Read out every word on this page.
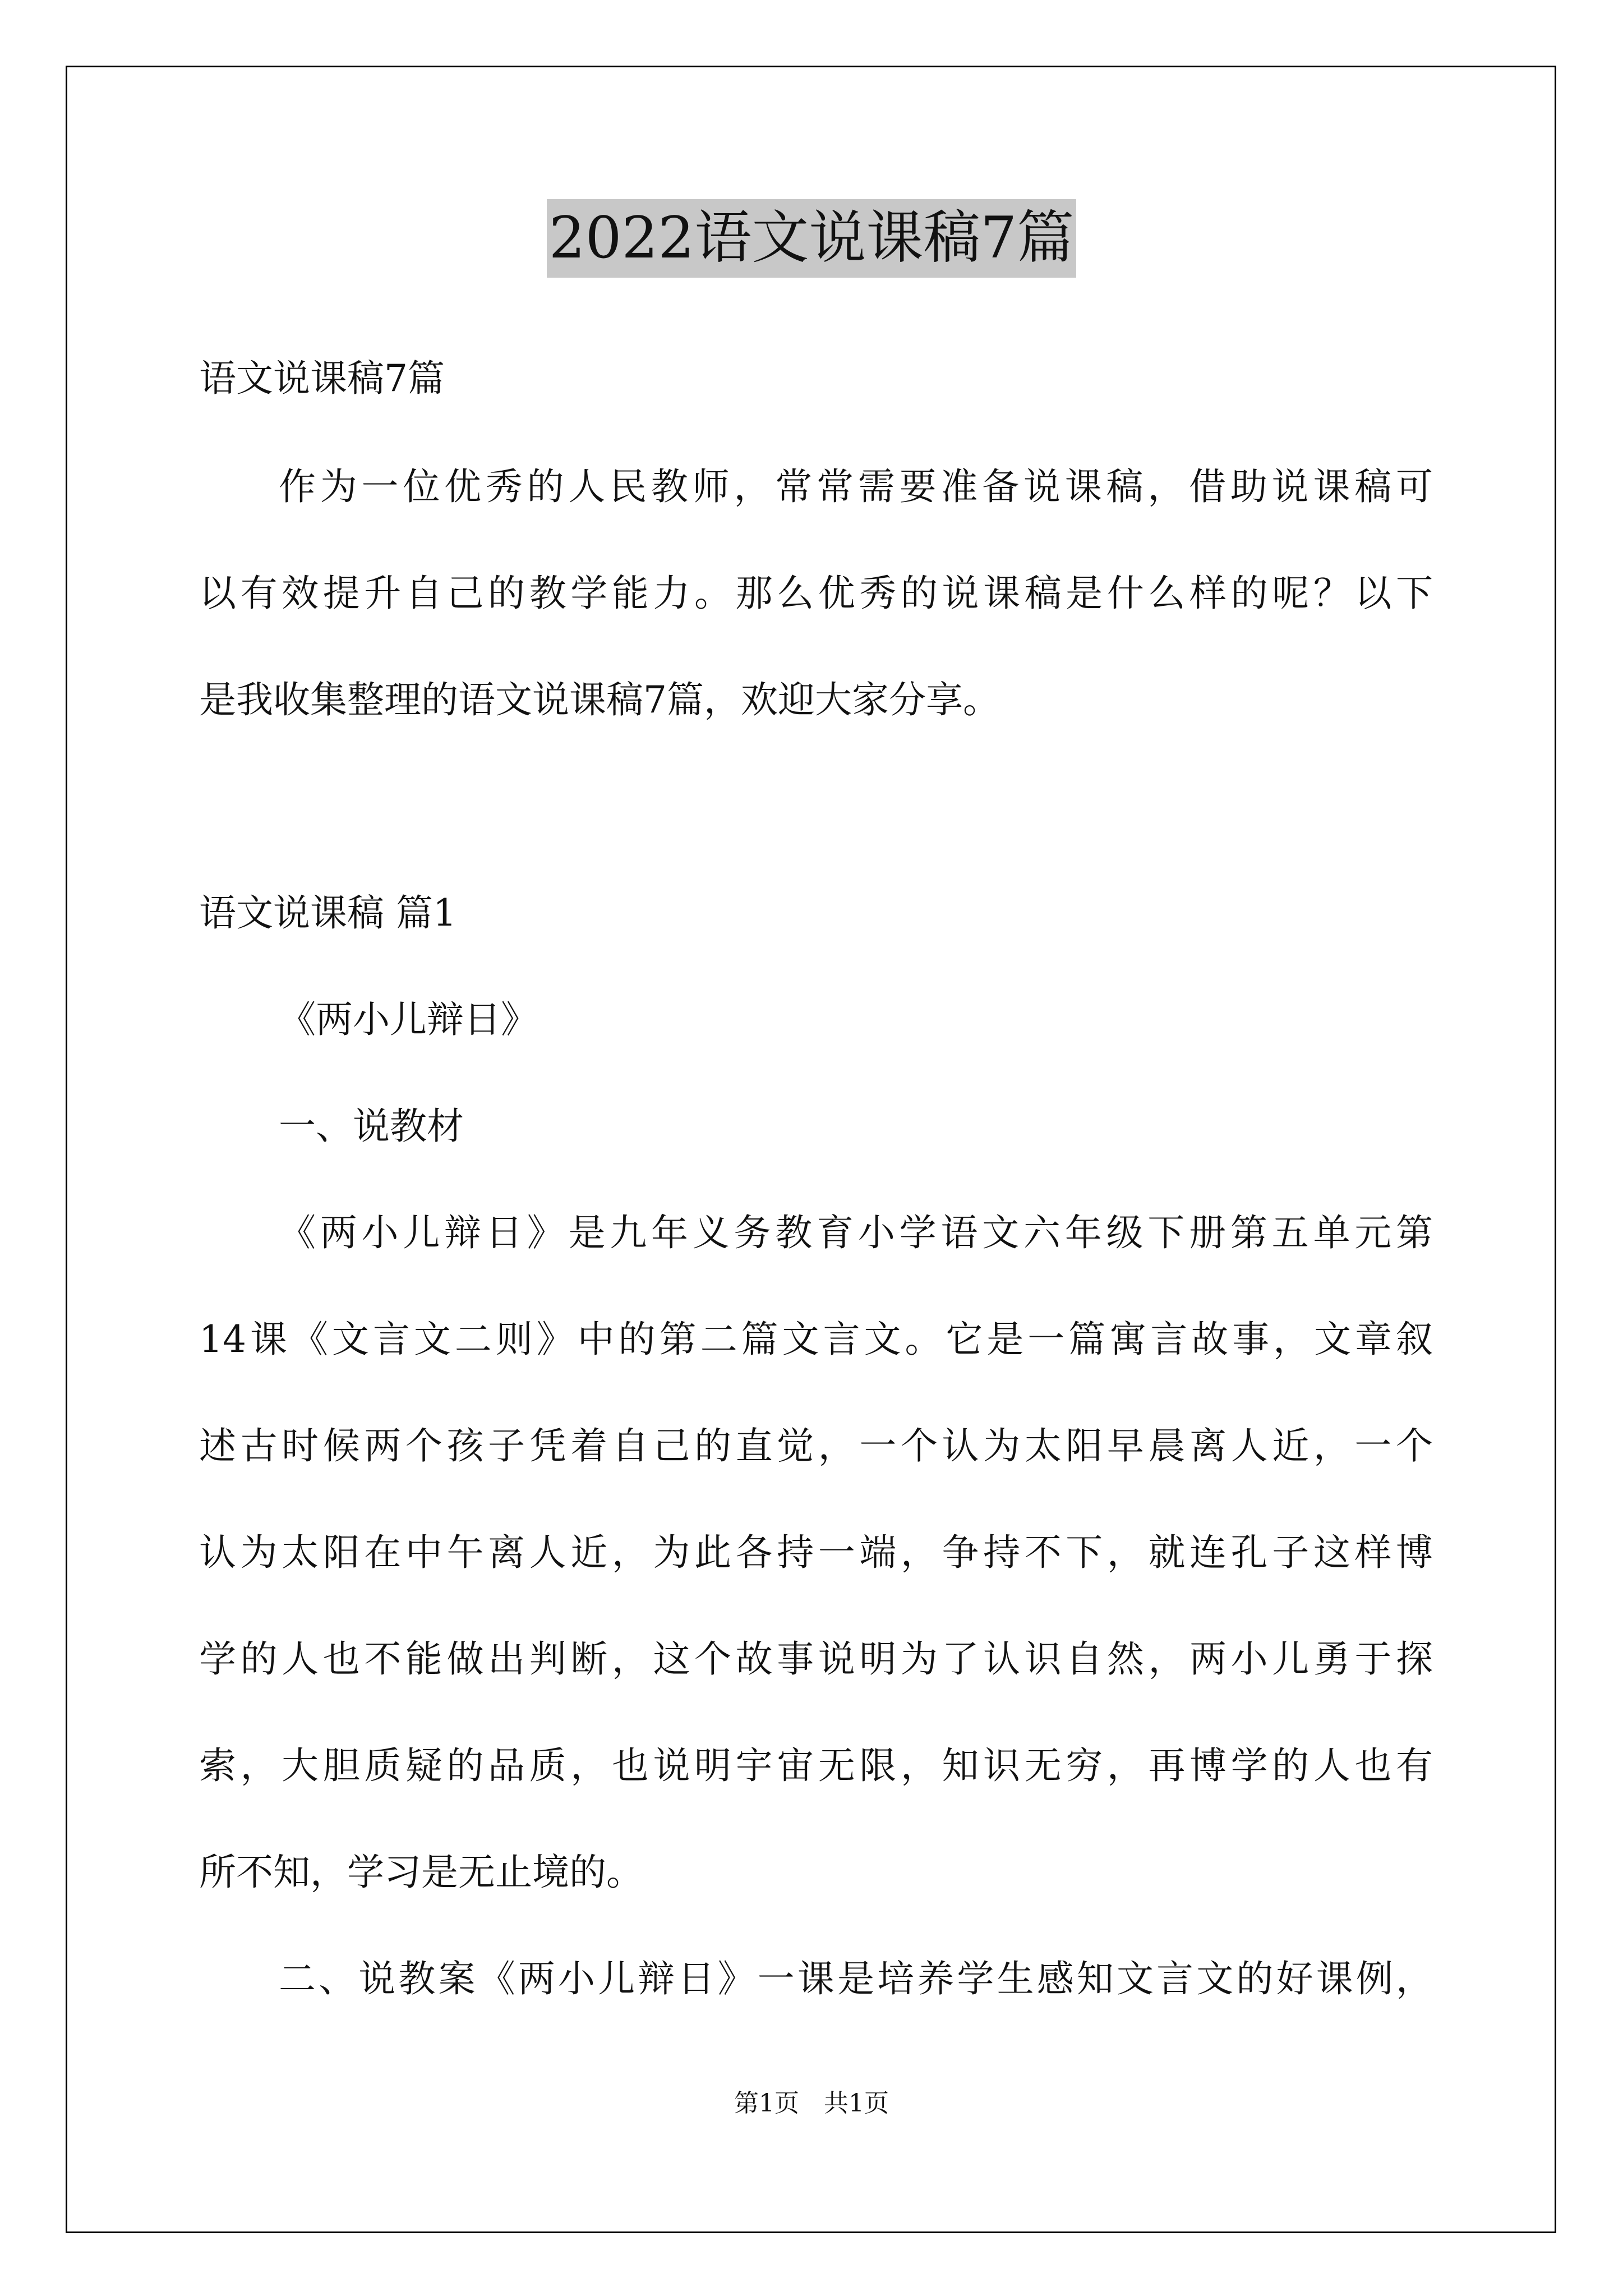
2022语文说课稿7篇
语文说课稿7篇
作为一位优秀的人民教师，常常需要准备说课稿，借助说课稿可
以有效提升自己的教学能力。那么优秀的说课稿是什么样的呢？以下
是我收集整理的语文说课稿7篇，欢迎大家分享。
语文说课稿 篇1
《两小儿辩日》
一、说教材
《两小儿辩日》是九年义务教育小学语文六年级下册第五单元第
14课《文言文二则》中的第二篇文言文。它是一篇寓言故事，文章叙
述古时候两个孩子凭着自己的直觉，一个认为太阳早晨离人近，一个
认为太阳在中午离人近，为此各持一端，争持不下，就连孔子这样博
学的人也不能做出判断，这个故事说明为了认识自然，两小儿勇于探
索，大胆质疑的品质，也说明宇宙无限，知识无穷，再博学的人也有
所不知，学习是无止境的。
二、说教案《两小儿辩日》一课是培养学生感知文言文的好课例，
第1页　共1页
